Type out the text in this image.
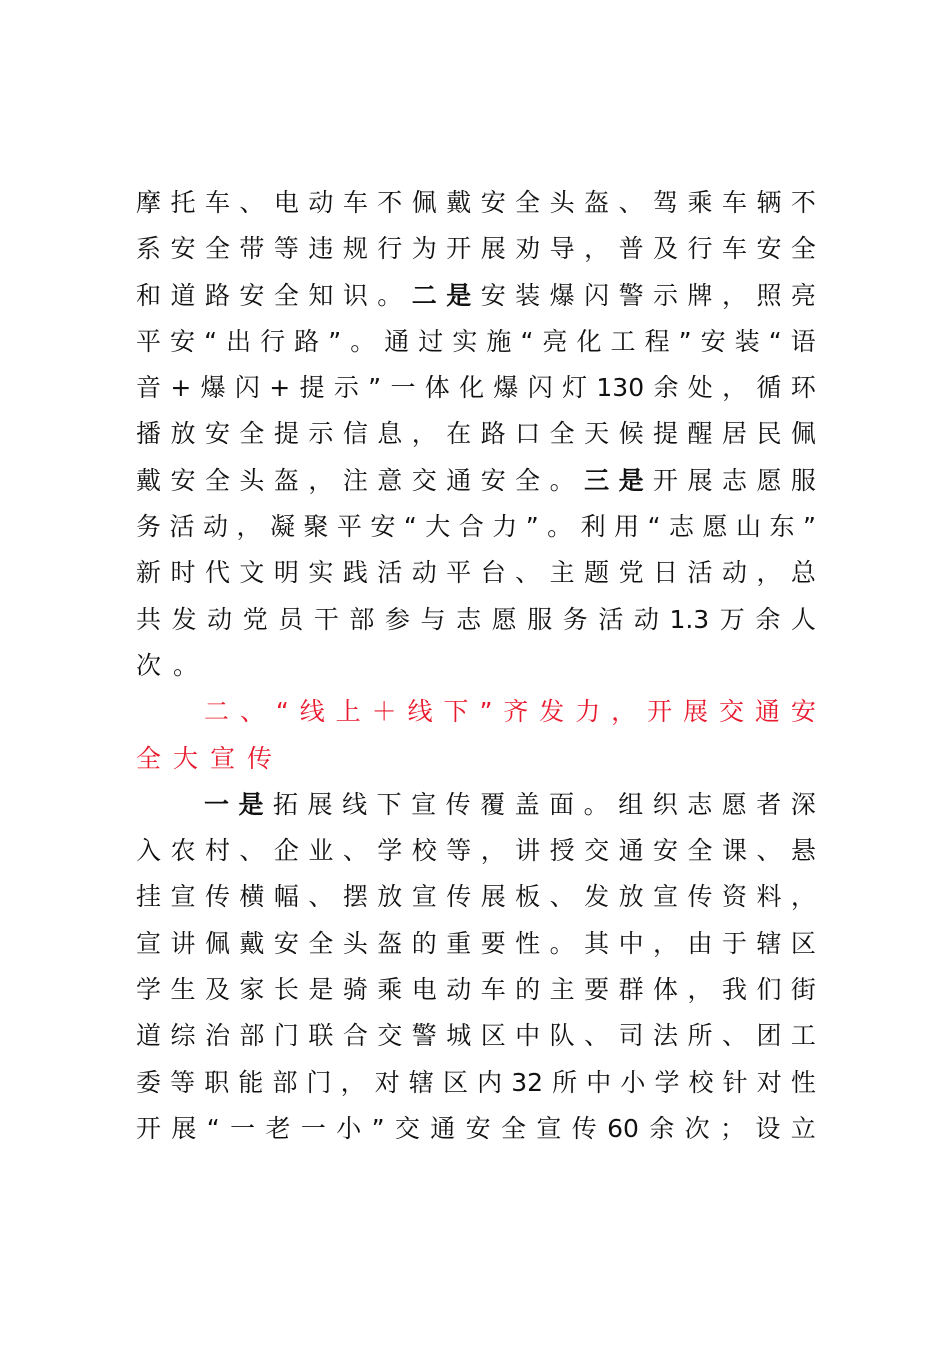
摩 托 车 、 电 动 车 不 佩 戴 安 全 头 盔 、 驾 乘 车 辆 不
系 安 全 带 等 违 规 行 为 开 展 劝 导 ， 普 及 行 车 安 全
和 道 路 安 全 知 识 。 二 是 安 装 爆 闪 警 示 牌 ， 照 亮
平 安 “ 出 行 路 ” 。 通 过 实 施 “ 亮 化 工 程 ” 安 装 “ 语
音 + 爆 闪 + 提 示 ” 一 体 化 爆 闪 灯 130 余 处 ， 循 环
播 放 安 全 提 示 信 息 ， 在 路 口 全 天 候 提 醒 居 民 佩
戴 安 全 头 盔 ， 注 意 交 通 安 全 。 三 是 开 展 志 愿 服
务 活 动 ， 凝 聚 平 安 “ 大 合 力 ” 。 利 用 “ 志 愿 山 东 ”
新 时 代 文 明 实 践 活 动 平 台 、 主 题 党 日 活 动 ， 总
共 发 动 党 员 干 部 参 与 志 愿 服 务 活 动 1.3 万 余 人
次 。
二 、 “ 线 上 ＋ 线 下 ” 齐 发 力 ， 开 展 交 通 安
全 大 宣 传
一 是 拓 展 线 下 宣 传 覆 盖 面 。 组 织 志 愿 者 深
入 农 村 、 企 业 、 学 校 等 ， 讲 授 交 通 安 全 课 、 悬
挂 宣 传 横 幅 、 摆 放 宣 传 展 板 、 发 放 宣 传 资 料 ，
宣 讲 佩 戴 安 全 头 盔 的 重 要 性 。 其 中 ， 由 于 辖 区
学 生 及 家 长 是 骑 乘 电 动 车 的 主 要 群 体 ， 我 们 街
道 综 治 部 门 联 合 交 警 城 区 中 队 、 司 法 所 、 团 工
委 等 职 能 部 门 ， 对 辖 区 内 32 所 中 小 学 校 针 对 性
开 展 “ 一 老 一 小 ” 交 通 安 全 宣 传 60 余 次 ； 设 立
